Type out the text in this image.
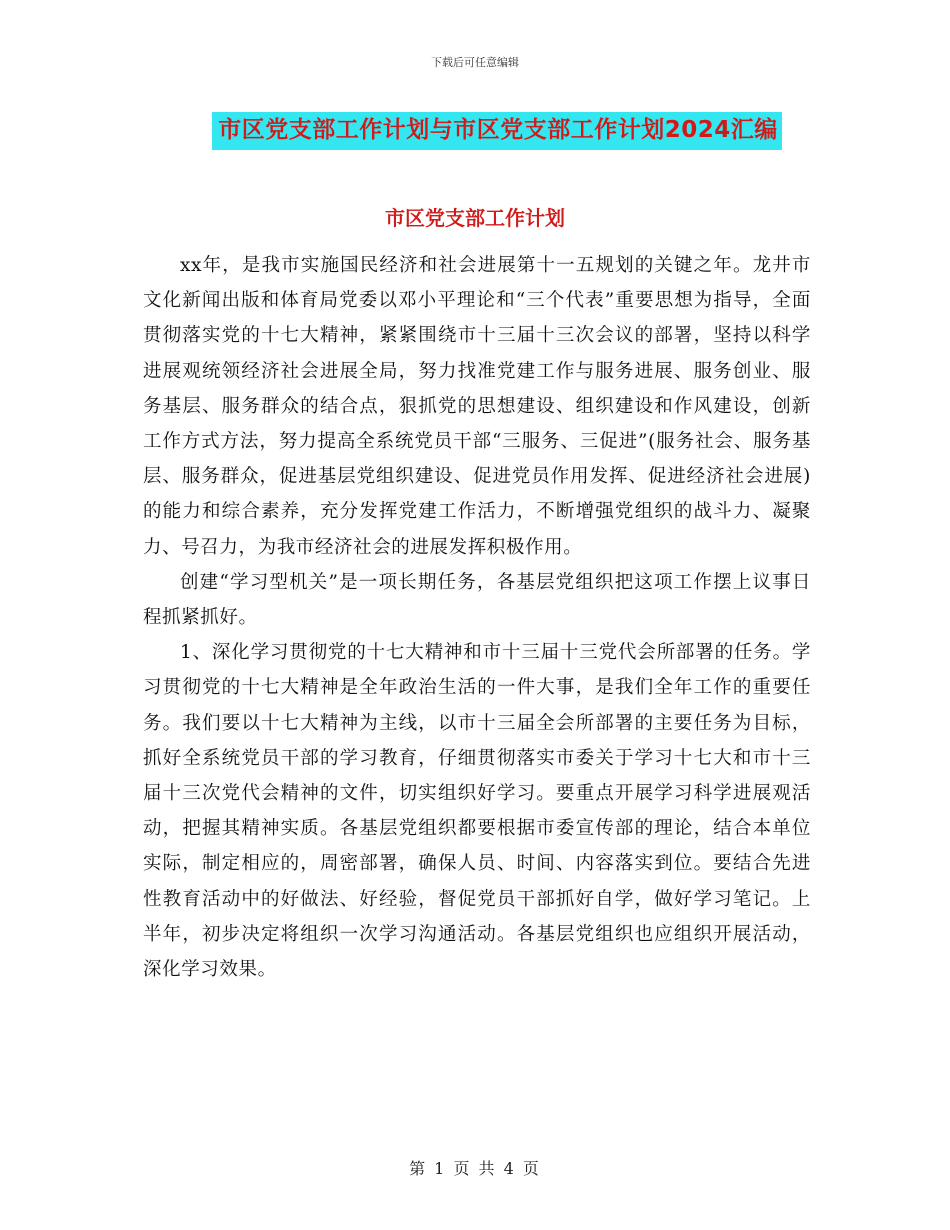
下载后可任意编辑
市区党支部工作计划与市区党支部工作计划2024汇编
市区党支部工作计划

xx年，是我市实施国民经济和社会进展第十一五规划的关键之年。龙井市文化新闻出版和体育局党委以邓小平理论和“三个代表”重要思想为指导，全面贯彻落实党的十七大精神，紧紧围绕市十三届十三次会议的部署，坚持以科学进展观统领经济社会进展全局，努力找准党建工作与服务进展、服务创业、服务基层、服务群众的结合点，狠抓党的思想建设、组织建设和作风建设，创新工作方式方法，努力提高全系统党员干部“三服务、三促进”(服务社会、服务基层、服务群众，促进基层党组织建设、促进党员作用发挥、促进经济社会进展)的能力和综合素养，充分发挥党建工作活力，不断增强党组织的战斗力、凝聚力、号召力，为我市经济社会的进展发挥积极作用。

创建“学习型机关”是一项长期任务，各基层党组织把这项工作摆上议事日程抓紧抓好。

1、深化学习贯彻党的十七大精神和市十三届十三党代会所部署的任务。学习贯彻党的十七大精神是全年政治生活的一件大事，是我们全年工作的重要任务。我们要以十七大精神为主线，以市十三届全会所部署的主要任务为目标，抓好全系统党员干部的学习教育，仔细贯彻落实市委关于学习十七大和市十三届十三次党代会精神的文件，切实组织好学习。要重点开展学习科学进展观活动，把握其精神实质。各基层党组织都要根据市委宣传部的理论，结合本单位实际，制定相应的，周密部署，确保人员、时间、内容落实到位。要结合先进性教育活动中的好做法、好经验，督促党员干部抓好自学，做好学习笔记。上半年，初步决定将组织一次学习沟通活动。各基层党组织也应组织开展活动，深化学习效果。

第 1 页 共 4 页
